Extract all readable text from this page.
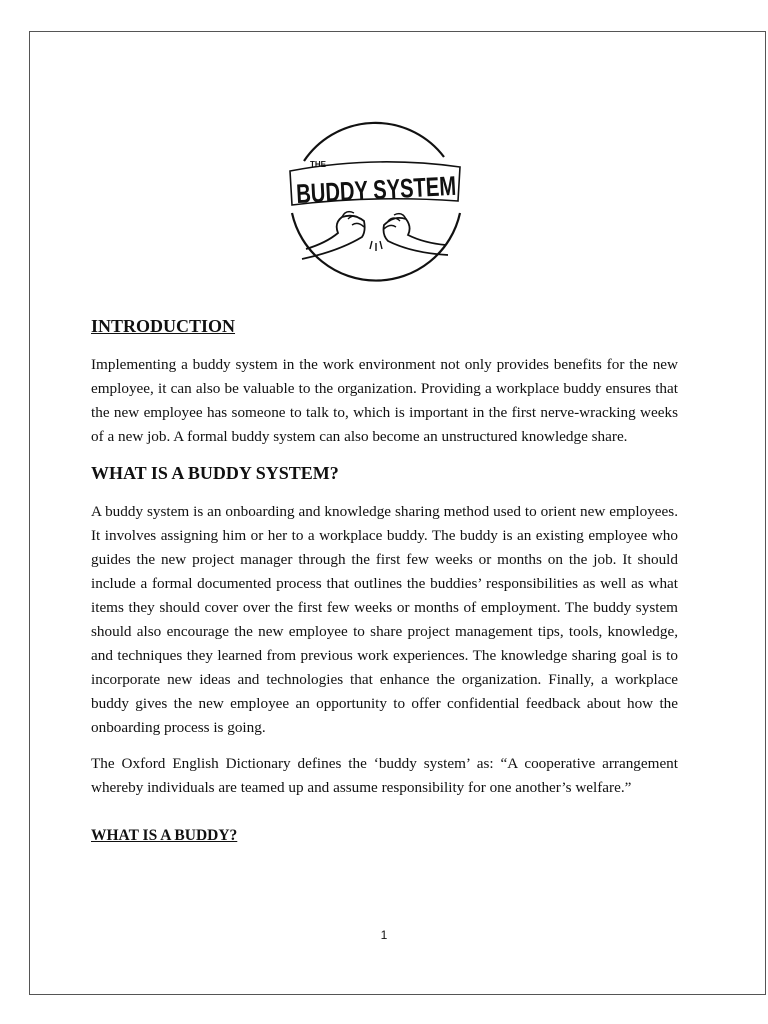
THE
BUDDY SYSTEM
INTRODUCTION

Implementing a buddy system in the work environment not only provides benefits for the new employee, it can also be valuable to the organization. Providing a workplace buddy ensures that the new employee has someone to talk to, which is important in the first nerve-wracking weeks of a new job. A formal buddy system can also become an unstructured knowledge share.

WHAT IS A BUDDY SYSTEM?

A buddy system is an onboarding and knowledge sharing method used to orient new employees. It involves assigning him or her to a workplace buddy. The buddy is an existing employee who guides the new project manager through the first few weeks or months on the job. It should include a formal documented process that outlines the buddies’ responsibilities as well as what items they should cover over the first few weeks or months of employment. The buddy system should also encourage the new employee to share project management tips, tools, knowledge, and techniques they learned from previous work experiences. The knowledge sharing goal is to incorporate new ideas and technologies that enhance the organization. Finally, a workplace buddy gives the new employee an opportunity to offer confidential feedback about how the onboarding process is going.

The Oxford English Dictionary defines the ‘buddy system’ as: “A cooperative arrangement whereby individuals are teamed up and assume responsibility for one another’s welfare.”

WHAT IS A BUDDY?
1
